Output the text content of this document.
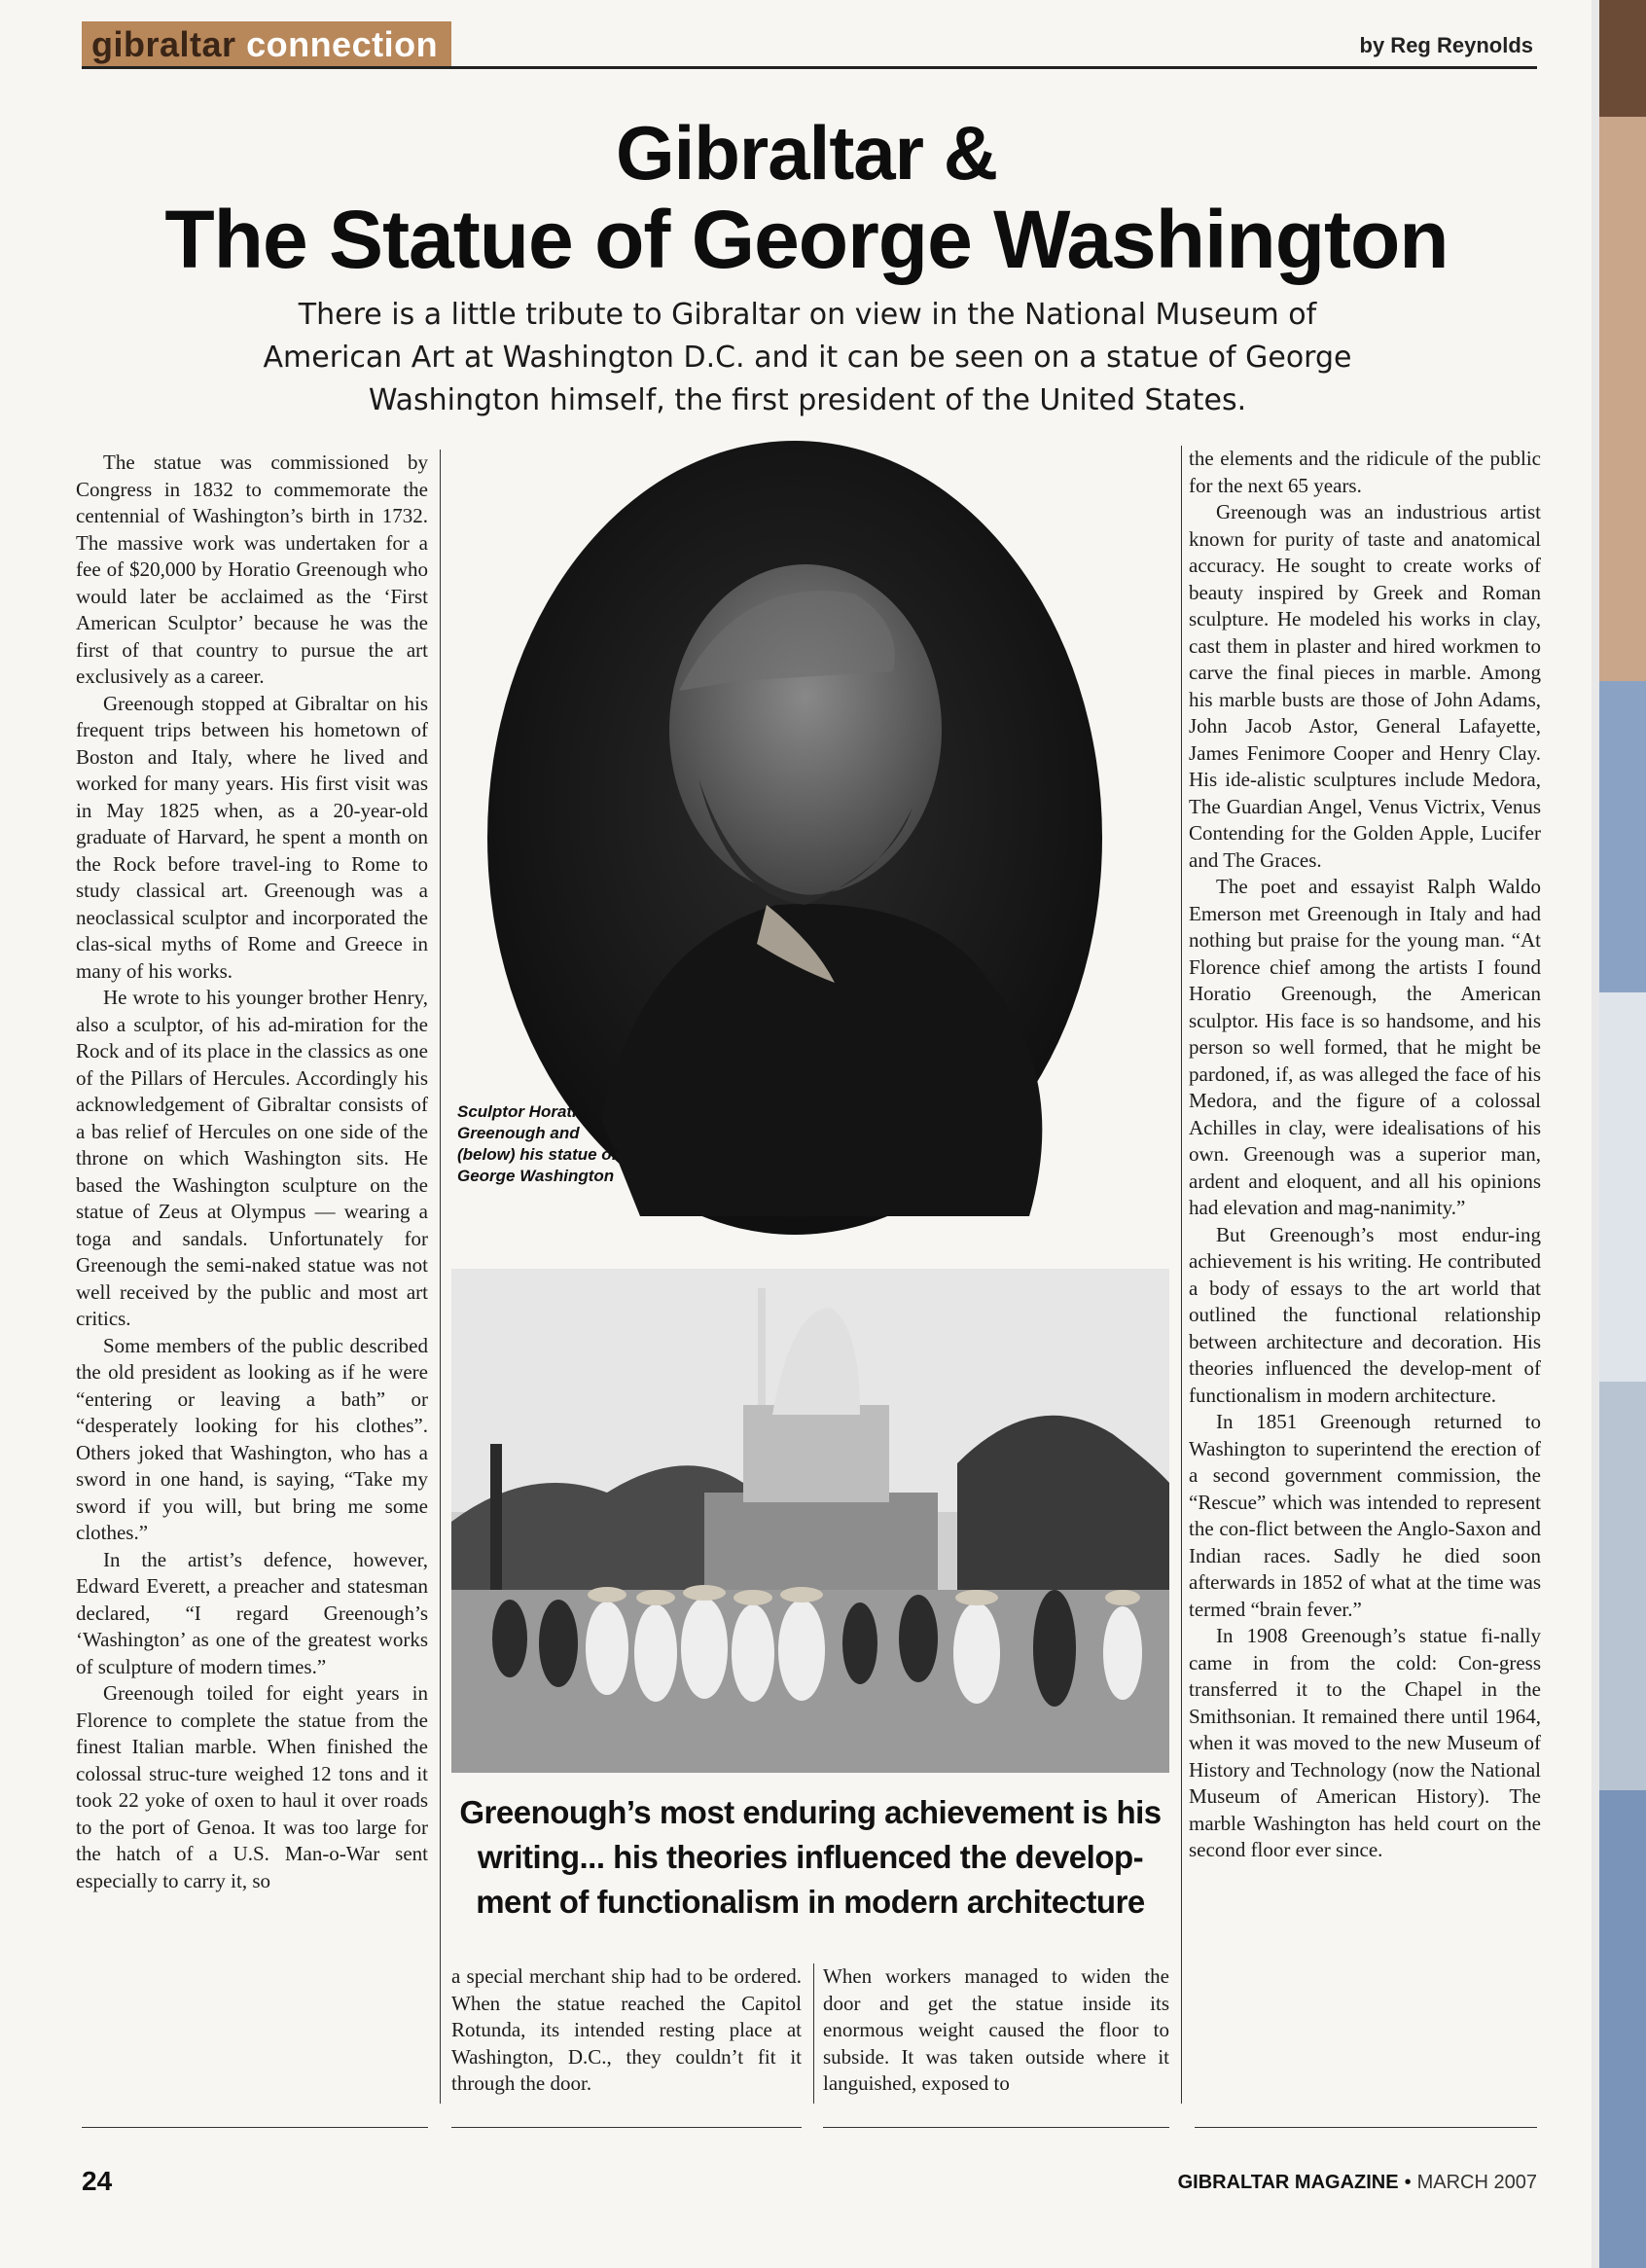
gibraltar connection	by Reg Reynolds
Gibraltar &
The Statue of George Washington
There is a little tribute to Gibraltar on view in the National Museum of American Art at Washington D.C. and it can be seen on a statue of George Washington himself, the first president of the United States.

The statue was commissioned by Congress in 1832 to commemorate the centennial of Washington’s birth in 1732. The massive work was undertaken for a fee of $20,000 by Horatio Greenough who would later be acclaimed as the ‘First American Sculptor’ because he was the first of that country to pursue the art exclusively as a career.

Greenough stopped at Gibraltar on his frequent trips between his hometown of Boston and Italy, where he lived and worked for many years. His first visit was in May 1825 when, as a 20-year-old graduate of Harvard, he spent a month on the Rock before travel-ing to Rome to study classical art. Greenough was a neoclassical sculptor and incorporated the clas-sical myths of Rome and Greece in many of his works.

He wrote to his younger brother Henry, also a sculptor, of his ad-miration for the Rock and of its place in the classics as one of the Pillars of Hercules. Accordingly his acknowledgement of Gibraltar consists of a bas relief of Hercules on one side of the throne on which Washington sits. He based the Washington sculpture on the statue of Zeus at Olympus — wearing a toga and sandals. Unfortunately for Greenough the semi-naked statue was not well received by the public and most art critics.

Some members of the public described the old president as looking as if he were “entering or leaving a bath” or “desperately looking for his clothes”. Others joked that Washington, who has a sword in one hand, is saying, “Take my sword if you will, but bring me some clothes.”

In the artist’s defence, however, Edward Everett, a preacher and statesman declared, “I regard Greenough’s ‘Washington’ as one of the greatest works of sculpture of modern times.”

Greenough toiled for eight years in Florence to complete the statue from the finest Italian marble. When finished the colossal struc-ture weighed 12 tons and it took 22 yoke of oxen to haul it over roads to the port of Genoa. It was too large for the hatch of a U.S. Man-o-War sent especially to carry it, so

Sculptor Horatio Greenough and (below) his statue of George Washington
Greenough’s most enduring achievement is his writing... his theories influenced the develop-ment of functionalism in modern architecture

a special merchant ship had to be ordered. When the statue reached the Capitol Rotunda, its intended resting place at Washington, D.C., they couldn’t fit it through the door.

When workers managed to widen the door and get the statue inside its enormous weight caused the floor to subside. It was taken outside where it languished, exposed to

the elements and the ridicule of the public for the next 65 years.

Greenough was an industrious artist known for purity of taste and anatomical accuracy. He sought to create works of beauty inspired by Greek and Roman sculpture. He modeled his works in clay, cast them in plaster and hired workmen to carve the final pieces in marble. Among his marble busts are those of John Adams, John Jacob Astor, General Lafayette, James Fenimore Cooper and Henry Clay. His ide-alistic sculptures include Medora, The Guardian Angel, Venus Victrix, Venus Contending for the Golden Apple, Lucifer and The Graces.

The poet and essayist Ralph Waldo Emerson met Greenough in Italy and had nothing but praise for the young man. “At Florence chief among the artists I found Horatio Greenough, the American sculptor. His face is so handsome, and his person so well formed, that he might be pardoned, if, as was alleged the face of his Medora, and the figure of a colossal Achilles in clay, were idealisations of his own. Greenough was a superior man, ardent and eloquent, and all his opinions had elevation and mag-nanimity.”

But Greenough’s most endur-ing achievement is his writing. He contributed a body of essays to the art world that outlined the functional relationship between architecture and decoration. His theories influenced the develop-ment of functionalism in modern architecture.

In 1851 Greenough returned to Washington to superintend the erection of a second government commission, the “Rescue” which was intended to represent the con-flict between the Anglo-Saxon and Indian races. Sadly he died soon afterwards in 1852 of what at the time was termed “brain fever.”

In 1908 Greenough’s statue fi-nally came in from the cold: Con-gress transferred it to the Chapel in the Smithsonian. It remained there until 1964, when it was moved to the new Museum of History and Technology (now the National Museum of American History). The marble Washington has held court on the second floor ever since.

24	GIBRALTAR MAGAZINE • MARCH 2007
